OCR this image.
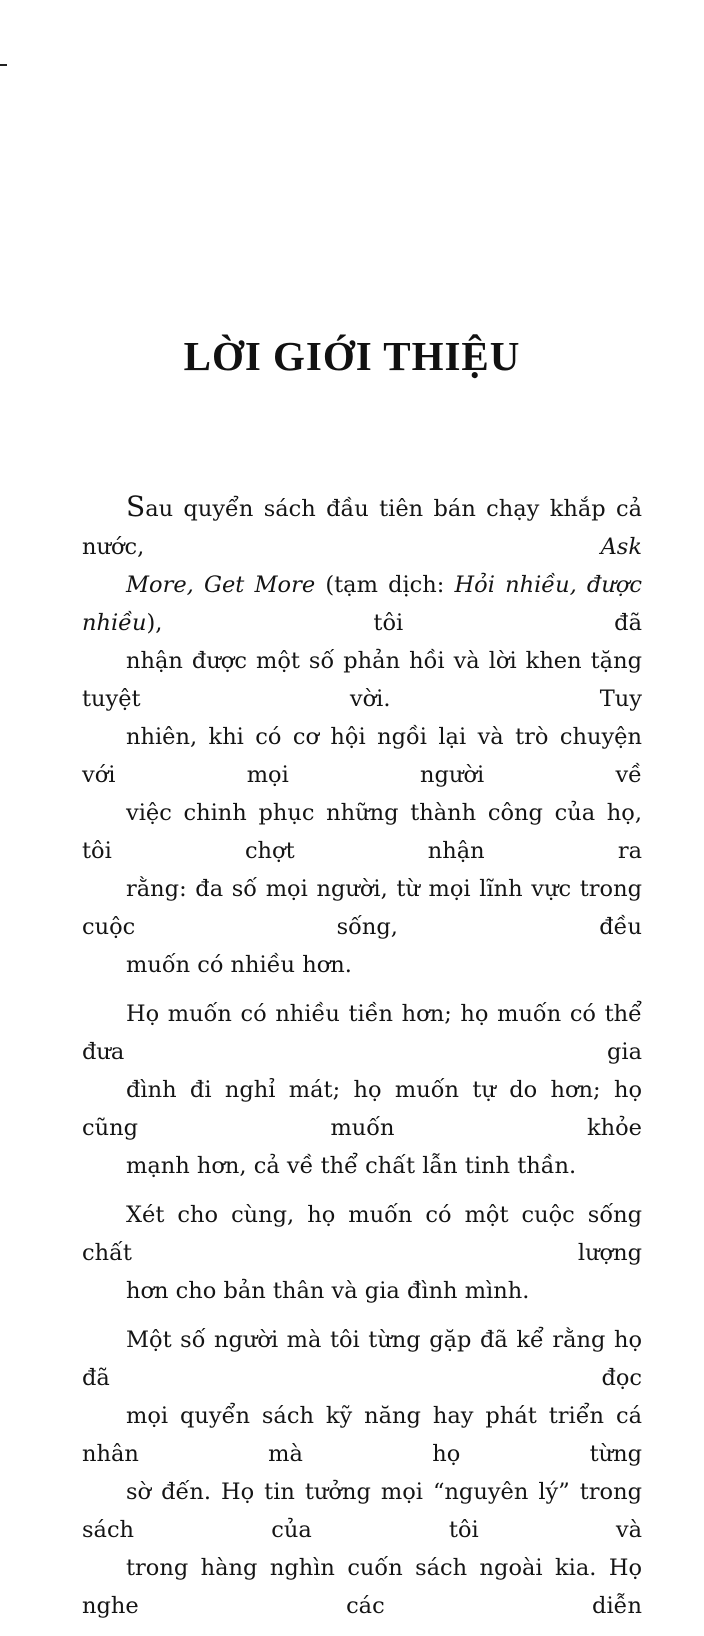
LỜI GIỚI THIỆU

Sau quyển sách đầu tiên bán chạy khắp cả nước, Ask
More, Get More (tạm dịch: Hỏi nhiều, được nhiều), tôi đã
nhận được một số phản hồi và lời khen tặng tuyệt vời. Tuy
nhiên, khi có cơ hội ngồi lại và trò chuyện với mọi người về
việc chinh phục những thành công của họ, tôi chợt nhận ra
rằng: đa số mọi người, từ mọi lĩnh vực trong cuộc sống, đều
muốn có nhiều hơn.

Họ muốn có nhiều tiền hơn; họ muốn có thể đưa gia
đình đi nghỉ mát; họ muốn tự do hơn; họ cũng muốn khỏe
mạnh hơn, cả về thể chất lẫn tinh thần.

Xét cho cùng, họ muốn có một cuộc sống chất lượng
hơn cho bản thân và gia đình mình.

Một số người mà tôi từng gặp đã kể rằng họ đã đọc
mọi quyển sách kỹ năng hay phát triển cá nhân mà họ từng
sờ đến. Họ tin tưởng mọi “nguyên lý” trong sách của tôi và
trong hàng nghìn cuốn sách ngoài kia. Họ nghe các diễn
